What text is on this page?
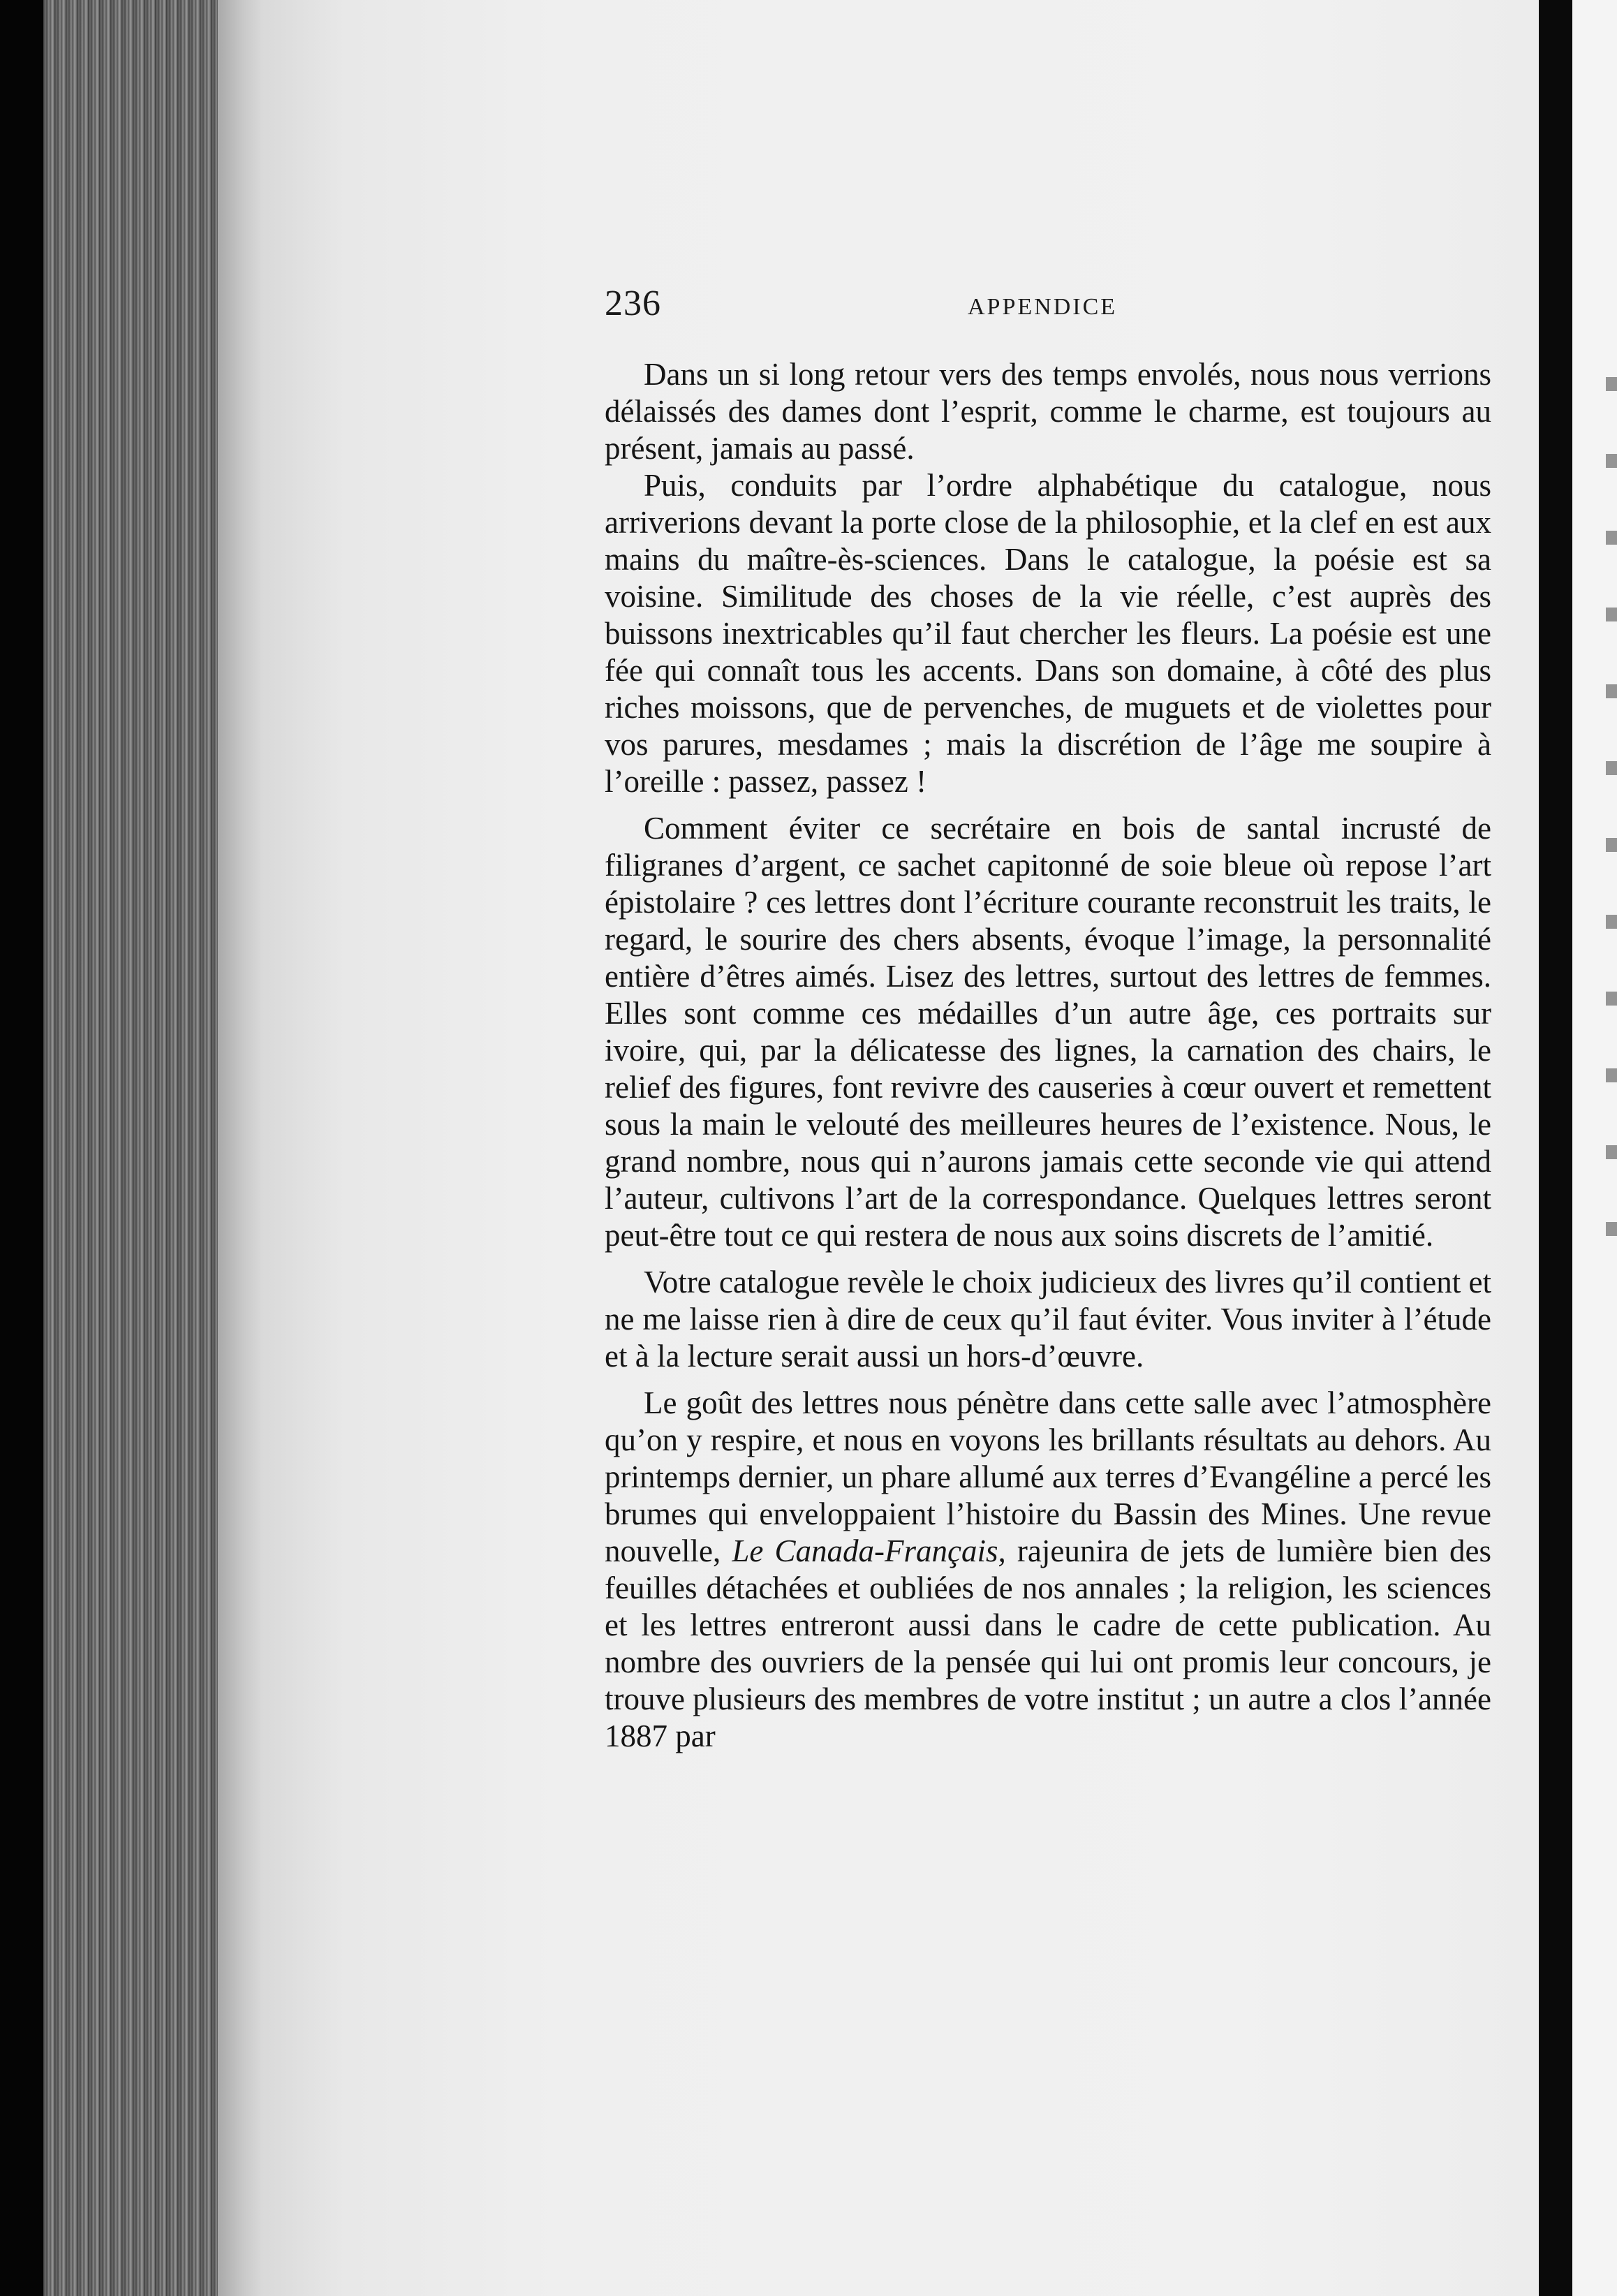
236	APPENDICE

Dans un si long retour vers des temps envolés, nous nous verrions délaissés des dames dont l’esprit, comme le charme, est toujours au présent, jamais au passé.

Puis, conduits par l’ordre alphabétique du catalogue, nous arriverions devant la porte close de la philosophie, et la clef en est aux mains du maître-ès-sciences. Dans le catalogue, la poésie est sa voisine. Similitude des choses de la vie réelle, c’est auprès des buissons inextricables qu’il faut chercher les fleurs. La poésie est une fée qui connaît tous les accents. Dans son domaine, à côté des plus riches moissons, que de pervenches, de muguets et de violettes pour vos parures, mesdames ; mais la discrétion de l’âge me soupire à l’oreille : passez, passez !

Comment éviter ce secrétaire en bois de santal incrusté de filigranes d’argent, ce sachet capitonné de soie bleue où repose l’art épistolaire ? ces lettres dont l’écriture courante reconstruit les traits, le regard, le sourire des chers absents, évoque l’image, la personnalité entière d’êtres aimés. Lisez des lettres, surtout des lettres de femmes. Elles sont comme ces médailles d’un autre âge, ces portraits sur ivoire, qui, par la délicatesse des lignes, la carnation des chairs, le relief des figures, font revivre des causeries à cœur ouvert et remettent sous la main le velouté des meilleures heures de l’existence. Nous, le grand nombre, nous qui n’aurons jamais cette seconde vie qui attend l’auteur, cultivons l’art de la correspondance. Quelques lettres seront peut-être tout ce qui restera de nous aux soins discrets de l’amitié.

Votre catalogue revèle le choix judicieux des livres qu’il contient et ne me laisse rien à dire de ceux qu’il faut éviter. Vous inviter à l’étude et à la lecture serait aussi un hors-d’œuvre.

Le goût des lettres nous pénètre dans cette salle avec l’atmosphère qu’on y respire, et nous en voyons les brillants résultats au dehors. Au printemps dernier, un phare allumé aux terres d’Evangéline a percé les brumes qui enveloppaient l’histoire du Bassin des Mines. Une revue nouvelle, Le Canada-Français, rajeunira de jets de lumière bien des feuilles détachées et oubliées de nos annales ; la religion, les sciences et les lettres entreront aussi dans le cadre de cette publication. Au nombre des ouvriers de la pensée qui lui ont promis leur concours, je trouve plusieurs des membres de votre institut ; un autre a clos l’année 1887 par
